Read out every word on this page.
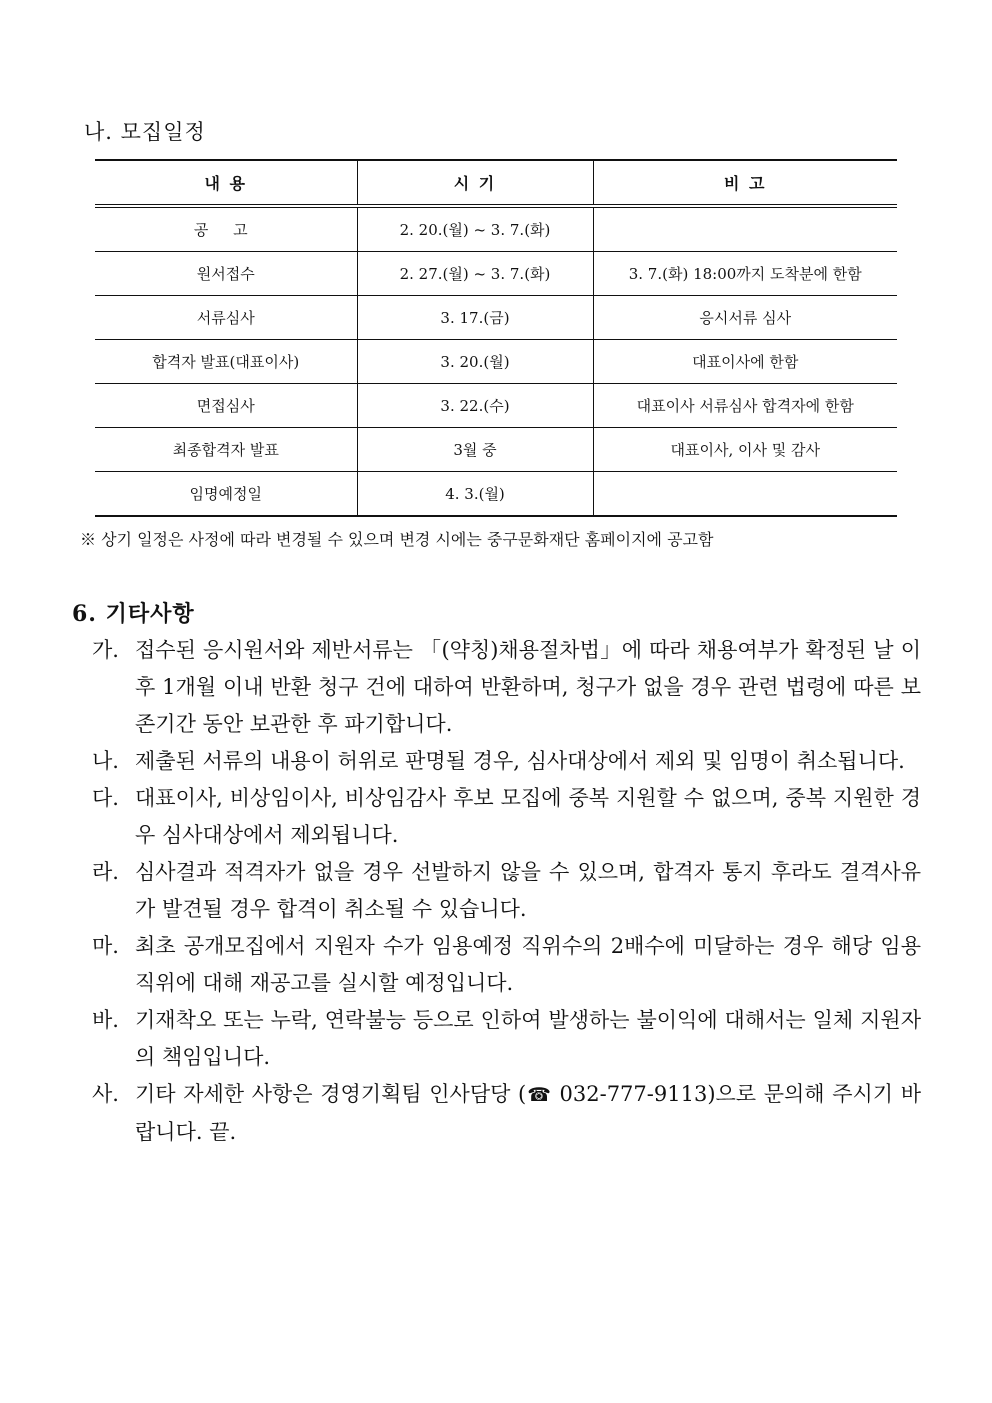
나. 모집일정
내 용	시 기	비 고
공 고	2. 20.(월) ~ 3. 7.(화)	
원서접수	2. 27.(월) ~ 3. 7.(화)	3. 7.(화) 18:00까지 도착분에 한함
서류심사	3. 17.(금)	응시서류 심사
합격자 발표(대표이사)	3. 20.(월)	대표이사에 한함
면접심사	3. 22.(수)	대표이사 서류심사 합격자에 한함
최종합격자 발표	3월 중	대표이사, 이사 및 감사
임명예정일	4. 3.(월)	
※ 상기 일정은 사정에 따라 변경될 수 있으며 변경 시에는 중구문화재단 홈페이지에 공고함
6. 기타사항
가. 접수된 응시원서와 제반서류는 「(약칭)채용절차법」에 따라 채용여부가 확정된 날 이후 1개월 이내 반환 청구 건에 대하여 반환하며, 청구가 없을 경우 관련 법령에 따른 보존기간 동안 보관한 후 파기합니다.
나. 제출된 서류의 내용이 허위로 판명될 경우, 심사대상에서 제외 및 임명이 취소됩니다.
다. 대표이사, 비상임이사, 비상임감사 후보 모집에 중복 지원할 수 없으며, 중복 지원한 경우 심사대상에서 제외됩니다.
라. 심사결과 적격자가 없을 경우 선발하지 않을 수 있으며, 합격자 통지 후라도 결격사유가 발견될 경우 합격이 취소될 수 있습니다.
마. 최초 공개모집에서 지원자 수가 임용예정 직위수의 2배수에 미달하는 경우 해당 임용직위에 대해 재공고를 실시할 예정입니다.
바. 기재착오 또는 누락, 연락불능 등으로 인하여 발생하는 불이익에 대해서는 일체 지원자의 책임입니다.
사. 기타 자세한 사항은 경영기획팀 인사담당 (☎ 032-777-9113)으로 문의해 주시기 바랍니다. 끝.
